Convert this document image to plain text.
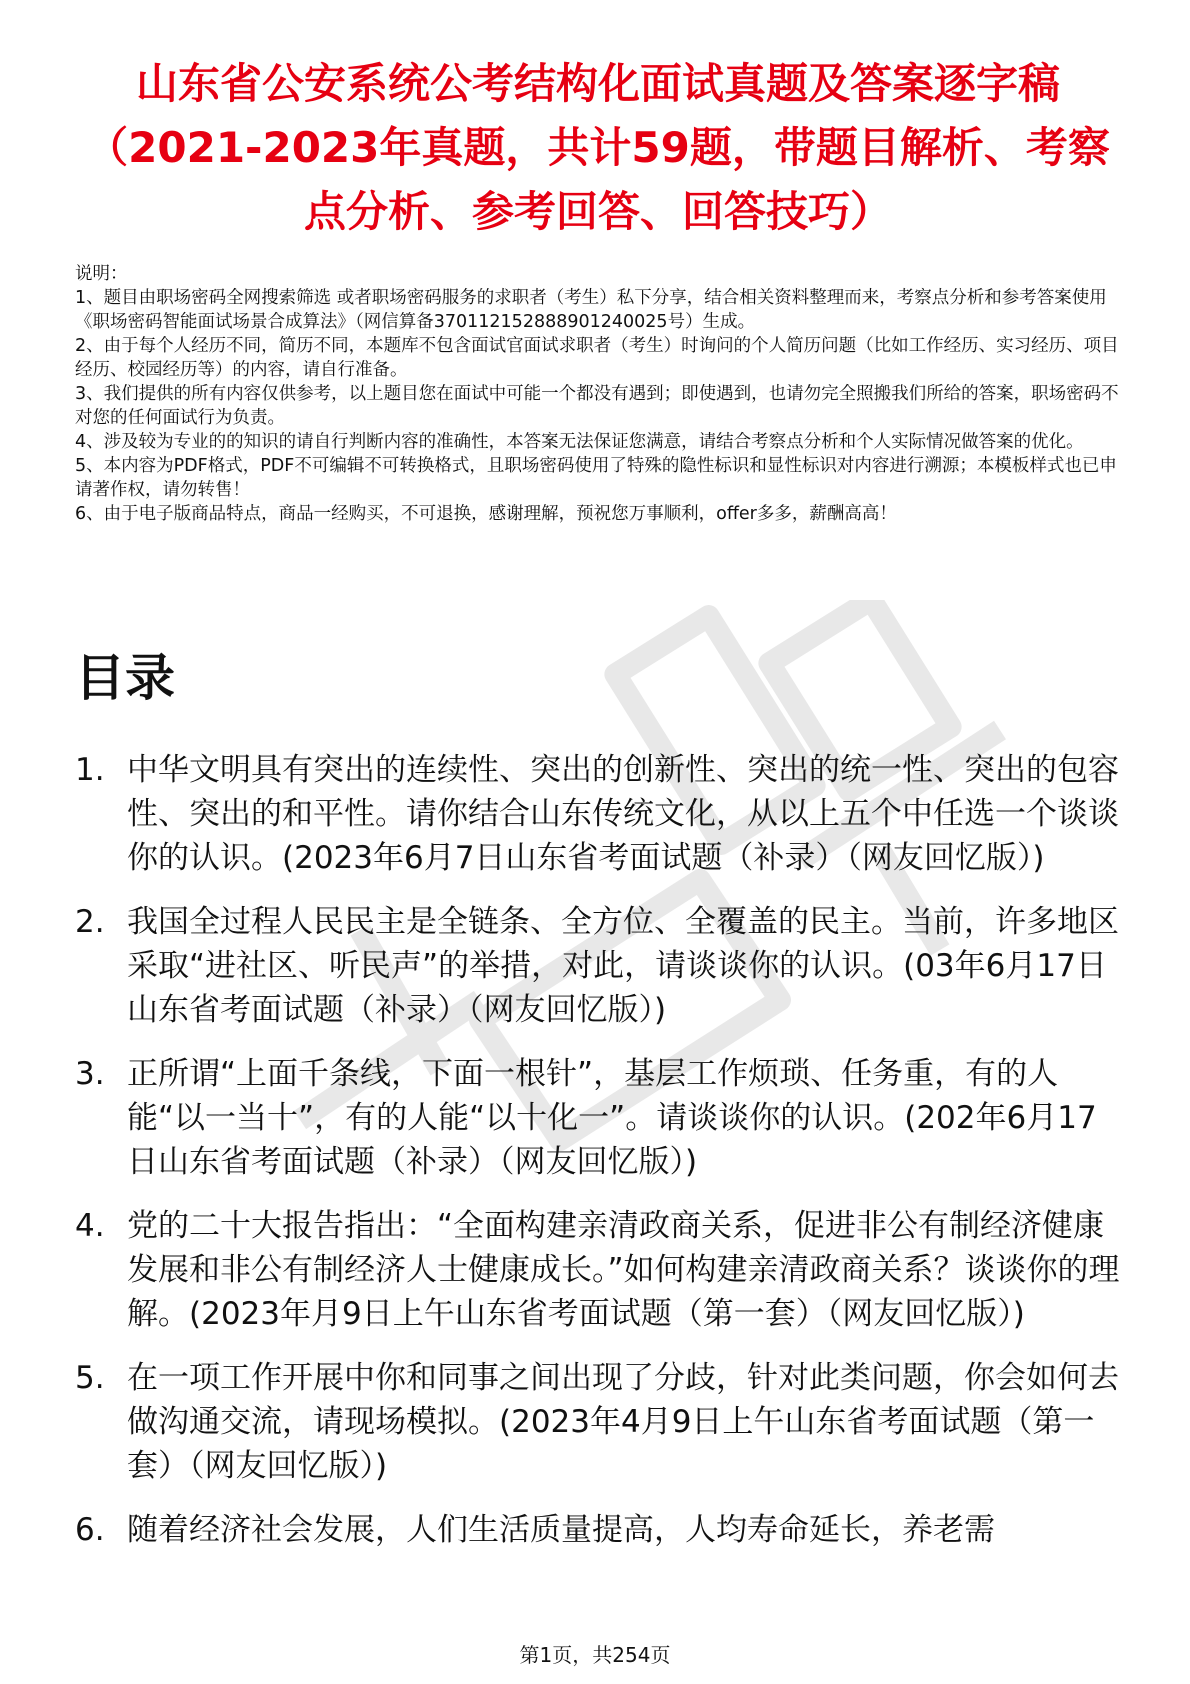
山东省公安系统公考结构化面试真题及答案逐字稿（2021-2023年真题，共计59题，带题目解析、考察点分析、参考回答、回答技巧）

说明：

1、题目由职场密码全网搜索筛选 或者职场密码服务的求职者（考生）私下分享，结合相关资料整理而来，考察点分析和参考答案使用《职场密码智能面试场景合成算法》（网信算备370112152888901240025号）生成。

2、由于每个人经历不同，简历不同，本题库不包含面试官面试求职者（考生）时询问的个人简历问题（比如工作经历、实习经历、项目经历、校园经历等）的内容，请自行准备。

3、我们提供的所有内容仅供参考，以上题目您在面试中可能一个都没有遇到；即使遇到，也请勿完全照搬我们所给的答案，职场密码不对您的任何面试行为负责。

4、涉及较为专业的的知识的请自行判断内容的准确性，本答案无法保证您满意，请结合考察点分析和个人实际情况做答案的优化。

5、本内容为PDF格式，PDF不可编辑不可转换格式，且职场密码使用了特殊的隐性标识和显性标识对内容进行溯源；本模板样式也已申请著作权，请勿转售！

6、由于电子版商品特点，商品一经购买，不可退换，感谢理解，预祝您万事顺利，offer多多，薪酬高高！

目录
1. 中华文明具有突出的连续性、突出的创新性、突出的统一性、突出的包容性、突出的和平性。请你结合山东传统文化，从以上五个中任选一个谈谈你的认识。(2023年6月7日山东省考面试题（补录）（网友回忆版）)
2. 我国全过程人民民主是全链条、全方位、全覆盖的民主。当前，许多地区采取“进社区、听民声”的举措，对此，请谈谈你的认识。(03年6月17日山东省考面试题（补录）（网友回忆版）)
3. 正所谓“上面千条线，下面一根针”，基层工作烦琐、任务重，有的人能“以一当十”，有的人能“以十化一”。请谈谈你的认识。(202年6月17日山东省考面试题（补录）（网友回忆版）)
4. 党的二十大报告指出：“全面构建亲清政商关系，促进非公有制经济健康发展和非公有制经济人士健康成长。”如何构建亲清政商关系？谈谈你的理解。(2023年月9日上午山东省考面试题（第一套）（网友回忆版）)
5. 在一项工作开展中你和同事之间出现了分歧，针对此类问题，你会如何去做沟通交流，请现场模拟。(2023年4月9日上午山东省考面试题（第一套）（网友回忆版）)
6. 随着经济社会发展，人们生活质量提高，人均寿命延长，养老需
第1页，共254页
